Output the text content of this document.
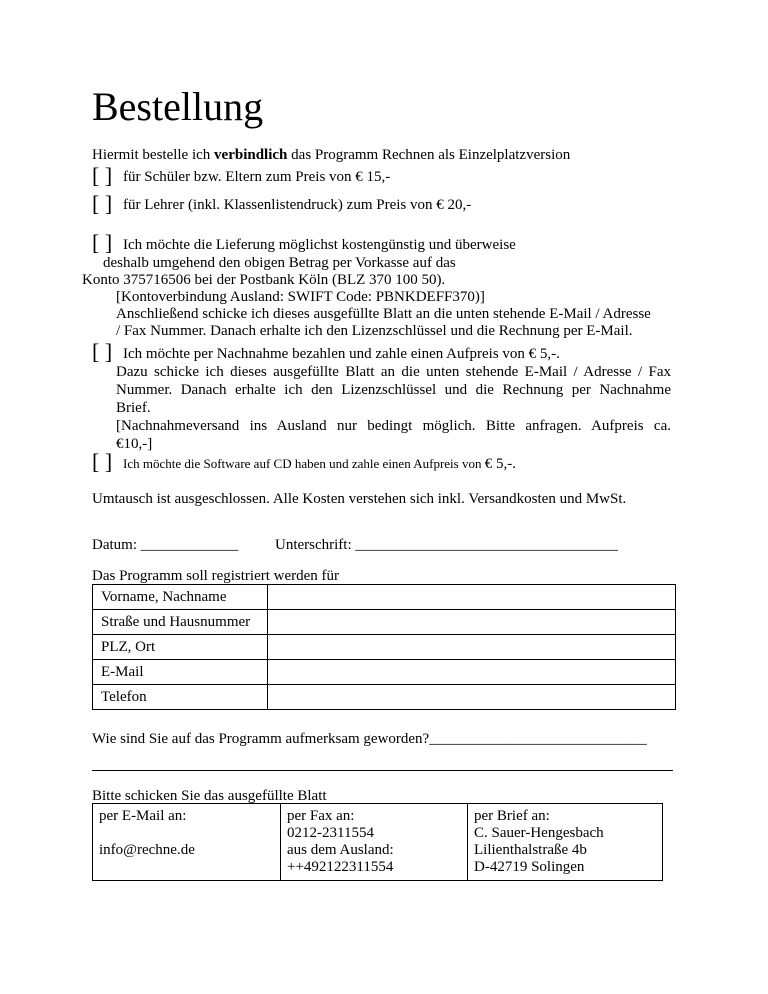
Bestellung
Hiermit bestelle ich verbindlich das Programm Rechnen als Einzelplatzversion
[ ] für Schüler bzw. Eltern zum Preis von € 15,-
[ ] für Lehrer (inkl. Klassenlistendruck) zum Preis von € 20,-
[ ] Ich möchte die Lieferung möglichst kostengünstig und überweise
deshalb umgehend den obigen Betrag per Vorkasse auf das
Konto 375716506 bei der Postbank Köln (BLZ 370 100 50).
[Kontoverbindung Ausland: SWIFT Code: PBNKDEFF370)]
Anschließend schicke ich dieses ausgefüllte Blatt an die unten stehende E-Mail / Adresse
/ Fax Nummer. Danach erhalte ich den Lizenzschlüssel und die Rechnung per E-Mail.
[ ] Ich möchte per Nachnahme bezahlen und zahle einen Aufpreis von € 5,-.
Dazu schicke ich dieses ausgefüllte Blatt an die unten stehende E-Mail / Adresse / Fax
Nummer. Danach erhalte ich den Lizenzschlüssel und die Rechnung per Nachnahme
Brief.
[Nachnahmeversand ins Ausland nur bedingt möglich. Bitte anfragen. Aufpreis ca.
€10,-]
[ ] Ich möchte die Software auf CD haben und zahle einen Aufpreis von € 5,-.
Umtausch ist ausgeschlossen. Alle Kosten verstehen sich inkl. Versandkosten und MwSt.
Datum: _____________ Unterschrift: ___________________________________
Das Programm soll registriert werden für
Vorname, Nachname	
Straße und Hausnummer	
PLZ, Ort	
E-Mail	
Telefon	
Wie sind Sie auf das Programm aufmerksam geworden?_____________________________
Bitte schicken Sie das ausgefüllte Blatt
per E-Mail an:
info@rechne.de

per Fax an:
0212-2311554
aus dem Ausland:
++492122311554

per Brief an:
C. Sauer-Hengesbach
Lilienthalstraße 4b
D-42719 Solingen
